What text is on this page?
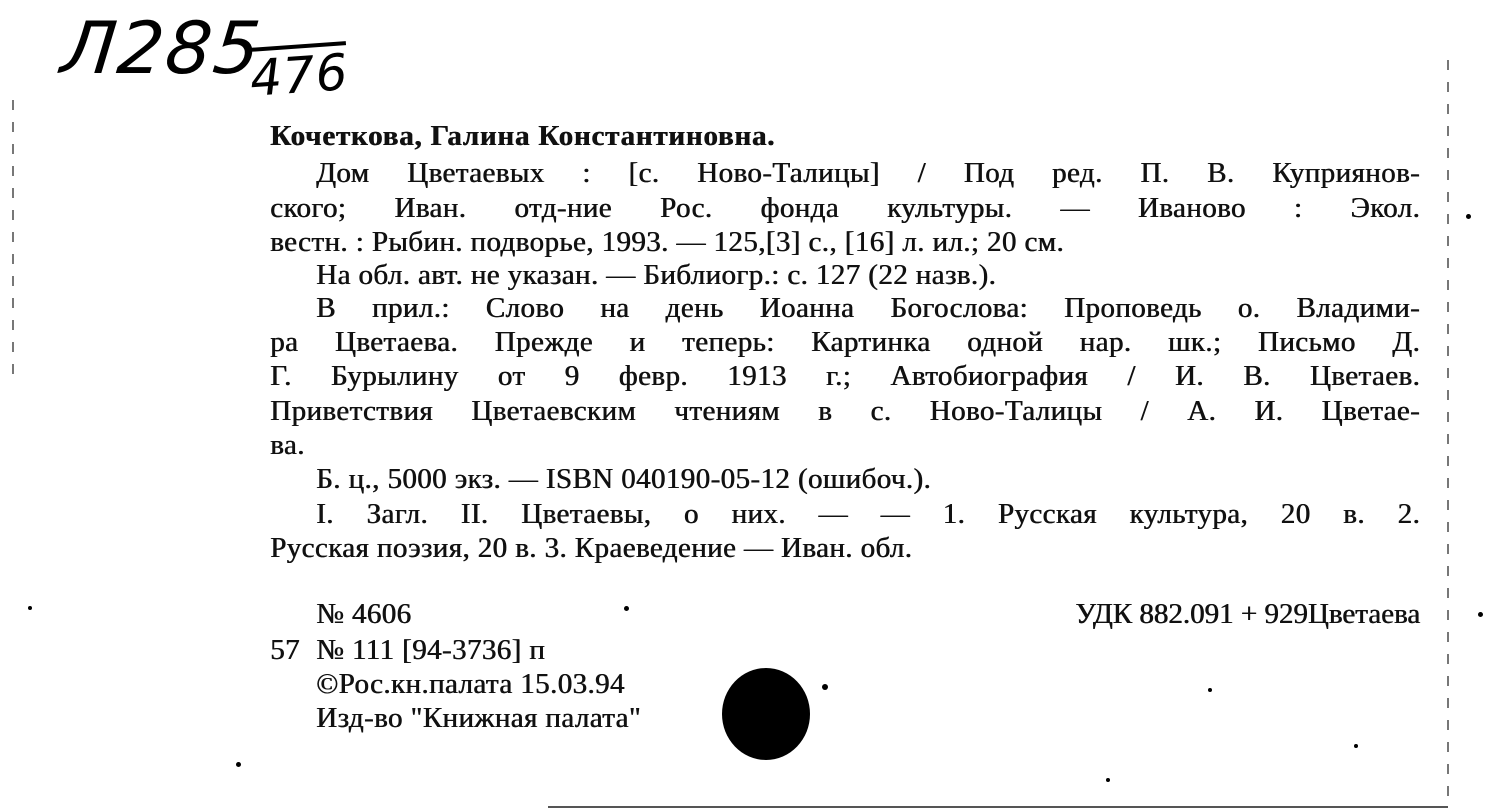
Л285
476
Кочеткова, Галина Константиновна.
Дом Цветаевых : [с. Ново-Талицы] / Под ред. П. В. Куприянов-
ского; Иван. отд-ние Рос. фонда культуры. — Иваново : Экол.
вестн. : Рыбин. подворье, 1993. — 125,[3] с., [16] л. ил.; 20 см.
На обл. авт. не указан. — Библиогр.: с. 127 (22 назв.).
В прил.: Слово на день Иоанна Богослова: Проповедь о. Владими-
ра Цветаева. Прежде и теперь: Картинка одной нар. шк.; Письмо Д.
Г. Бурылину от 9 февр. 1913 г.; Автобиография / И. В. Цветаев.
Приветствия Цветаевским чтениям в с. Ново-Талицы / А. И. Цветае-
ва.
Б. ц., 5000 экз. — ISBN 040190-05-12 (ошибоч.).
I. Загл. II. Цветаевы, о них. — — 1. Русская культура, 20 в. 2.
Русская поэзия, 20 в. 3. Краеведение — Иван. обл.
№ 4606	УДК 882.091 + 929Цветаева
57 № 111 [94-3736] п
©Рос.кн.палата 15.03.94
Изд-во "Книжная палата"
